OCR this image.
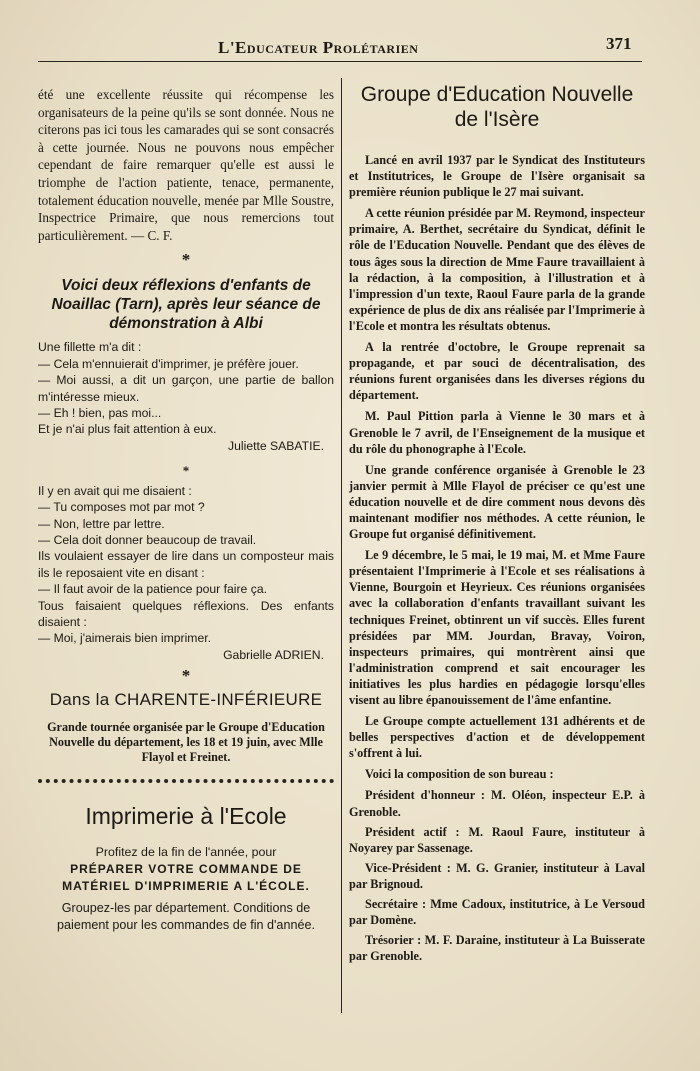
L'Educateur Prolétarien	371

été une excellente réussite qui récompense les organisateurs de la peine qu'ils se sont donnée. Nous ne citerons pas ici tous les camarades qui se sont consacrés à cette journée. Nous ne pouvons nous empêcher cependant de faire remarquer qu'elle est aussi le triomphe de l'action patiente, tenace, permanente, totalement éducation nouvelle, menée par Mlle Soustre, Inspectrice Primaire, que nous remercions tout particulièrement. — C. F.

*
Voici deux réflexions d'enfants de Noaillac (Tarn), après leur séance de démonstration à Albi
Une fillette m'a dit :
— Cela m'ennuierait d'imprimer, je préfère jouer.
— Moi aussi, a dit un garçon, une partie de ballon m'intéresse mieux.
— Eh ! bien, pas moi...
Et je n'ai plus fait attention à eux.
Juliette SABATIE.
*
Il y en avait qui me disaient :
— Tu composes mot par mot ?
— Non, lettre par lettre.
— Cela doit donner beaucoup de travail.
Ils voulaient essayer de lire dans un composteur mais ils le reposaient vite en disant :
— Il faut avoir de la patience pour faire ça.
Tous faisaient quelques réflexions. Des enfants disaient :
— Moi, j'aimerais bien imprimer.
Gabrielle ADRIEN.
*
Dans la CHARENTE-INFÉRIEURE
Grande tournée organisée par le Groupe d'Education Nouvelle du département, les 18 et 19 juin, avec Mlle Flayol et Freinet.
Imprimerie à l'Ecole
Profitez de la fin de l'année, pour
PRÉPARER VOTRE COMMANDE DE MATÉRIEL D'IMPRIMERIE A L'ÉCOLE.
Groupez-les par département. Conditions de paiement pour les commandes de fin d'année.
Groupe d'Education Nouvelle de l'Isère

Lancé en avril 1937 par le Syndicat des Instituteurs et Institutrices, le Groupe de l'Isère organisait sa première réunion publique le 27 mai suivant.

A cette réunion présidée par M. Reymond, inspecteur primaire, A. Berthet, secrétaire du Syndicat, définit le rôle de l'Education Nouvelle. Pendant que des élèves de tous âges sous la direction de Mme Faure travaillaient à la rédaction, à la composition, à l'illustration et à l'impression d'un texte, Raoul Faure parla de la grande expérience de plus de dix ans réalisée par l'Imprimerie à l'Ecole et montra les résultats obtenus.

A la rentrée d'octobre, le Groupe reprenait sa propagande, et par souci de décentralisation, des réunions furent organisées dans les diverses régions du département.

M. Paul Pittion parla à Vienne le 30 mars et à Grenoble le 7 avril, de l'Enseignement de la musique et du rôle du phonographe à l'Ecole.

Une grande conférence organisée à Grenoble le 23 janvier permit à Mlle Flayol de préciser ce qu'est une éducation nouvelle et de dire comment nous devons dès maintenant modifier nos méthodes. A cette réunion, le Groupe fut organisé définitivement.

Le 9 décembre, le 5 mai, le 19 mai, M. et Mme Faure présentaient l'Imprimerie à l'Ecole et ses réalisations à Vienne, Bourgoin et Heyrieux. Ces réunions organisées avec la collaboration d'enfants travaillant suivant les techniques Freinet, obtinrent un vif succès. Elles furent présidées par MM. Jourdan, Bravay, Voiron, inspecteurs primaires, qui montrèrent ainsi que l'administration comprend et sait encourager les initiatives les plus hardies en pédagogie lorsqu'elles visent au libre épanouissement de l'âme enfantine.

Le Groupe compte actuellement 131 adhérents et de belles perspectives d'action et de développement s'offrent à lui.

Voici la composition de son bureau :

Président d'honneur : M. Oléon, inspecteur E.P. à Grenoble.

Président actif : M. Raoul Faure, instituteur à Noyarey par Sassenage.

Vice-Président : M. G. Granier, instituteur à Laval par Brignoud.

Secrétaire : Mme Cadoux, institutrice, à Le Versoud par Domène.

Trésorier : M. F. Daraine, instituteur à La Buisserate par Grenoble.
